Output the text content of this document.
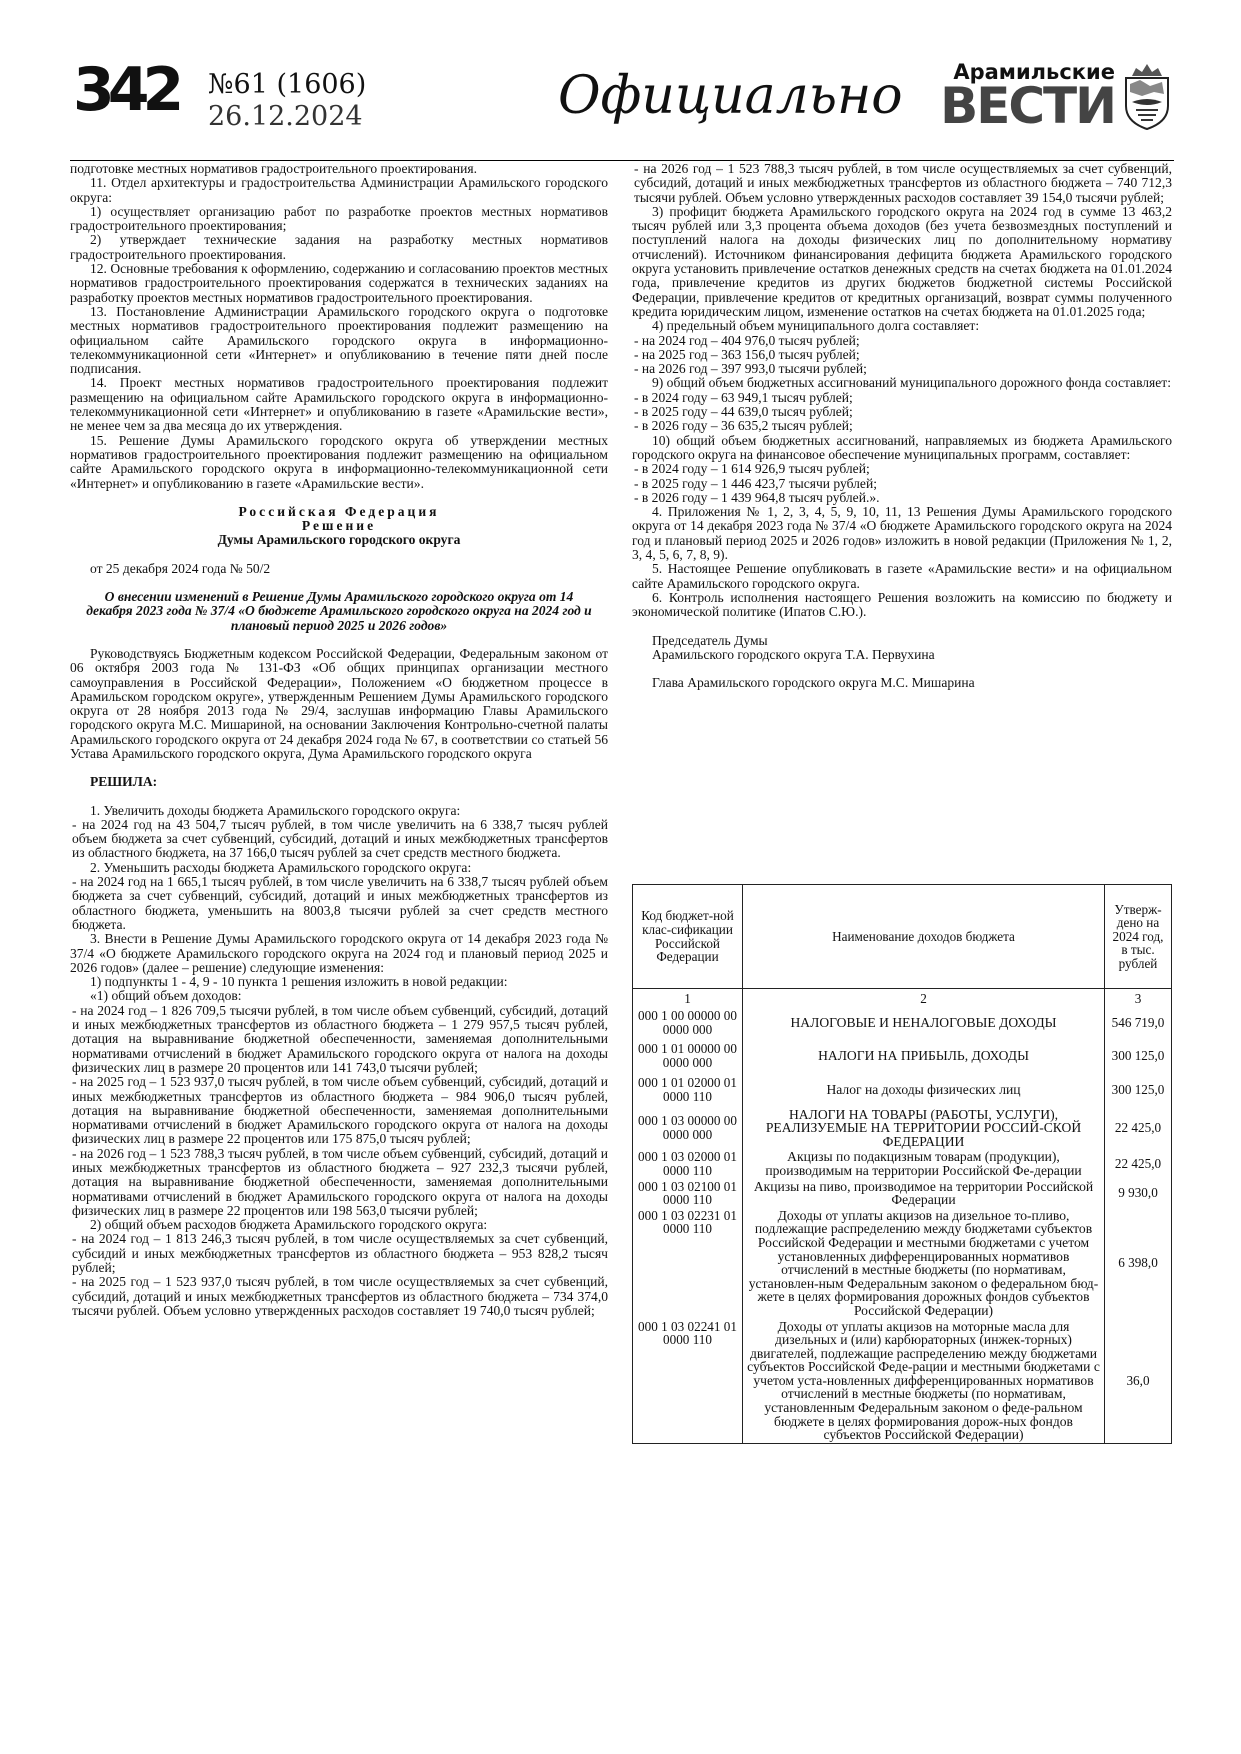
342 №61 (1606)
26.12.2024	Официально	Арамильские
ВЕСТИ

подготовке местных нормативов градостроительного проектирования.

11. Отдел архитектуры и градостроительства Администрации Арамильского городского округа:

1) осуществляет организацию работ по разработке проектов местных нормативов градостроительного проектирования;

2) утверждает технические задания на разработку местных нормативов градостроительного проектирования.

12. Основные требования к оформлению, содержанию и согласованию проектов местных нормативов градостроительного проектирования содержатся в технических заданиях на разработку проектов местных нормативов градостроительного проектирования.

13. Постановление Администрации Арамильского городского округа о подготовке местных нормативов градостроительного проектирования подлежит размещению на официальном сайте Арамильского городского округа в информационно-телекоммуникационной сети «Интернет» и опубликованию в течение пяти дней после подписания.

14. Проект местных нормативов градостроительного проектирования подлежит размещению на официальном сайте Арамильского городского округа в информационно-телекоммуникационной сети «Интернет» и опубликованию в газете «Арамильские вести», не менее чем за два месяца до их утверждения.

15. Решение Думы Арамильского городского округа об утверждении местных нормативов градостроительного проектирования подлежит размещению на официальном сайте Арамильского городского округа в информационно-телекоммуникационной сети «Интернет» и опубликованию в газете «Арамильские вести».

Российская Федерация

Решение

Думы Арамильского городского округа

от 25 декабря 2024 года № 50/2

О внесении изменений в Решение Думы Арамильского городского округа от 14 декабря 2023 года № 37/4 «О бюджете Арамильского городского округа на 2024 год и плановый период 2025 и 2026 годов»

Руководствуясь Бюджетным кодексом Российской Федерации, Федеральным законом от 06 октября 2003 года № 131-ФЗ «Об общих принципах организации местного самоуправления в Российской Федерации», Положением «О бюджетном процессе в Арамильском городском округе», утвержденным Решением Думы Арамильского городского округа от 28 ноября 2013 года № 29/4, заслушав информацию Главы Арамильского городского округа М.С. Мишариной, на основании Заключения Контрольно-счетной палаты Арамильского городского округа от 24 декабря 2024 года № 67, в соответствии со статьей 56 Устава Арамильского городского округа, Дума Арамильского городского округа

РЕШИЛА:

1. Увеличить доходы бюджета Арамильского городского округа:

- на 2024 год на 43 504,7 тысяч рублей, в том числе увеличить на 6 338,7 тысяч рублей объем бюджета за счет субвенций, субсидий, дотаций и иных межбюджетных трансфертов из областного бюджета, на 37 166,0 тысяч рублей за счет средств местного бюджета.

2. Уменьшить расходы бюджета Арамильского городского округа:

- на 2024 год на 1 665,1 тысяч рублей, в том числе увеличить на 6 338,7 тысяч рублей объем бюджета за счет субвенций, субсидий, дотаций и иных межбюджетных трансфертов из областного бюджета, уменьшить на 8003,8 тысячи рублей за счет средств местного бюджета.

3. Внести в Решение Думы Арамильского городского округа от 14 декабря 2023 года № 37/4 «О бюджете Арамильского городского округа на 2024 год и плановый период 2025 и 2026 годов» (далее – решение) следующие изменения:

1) подпункты 1 - 4, 9 - 10 пункта 1 решения изложить в новой редакции:

«1) общий объем доходов:

- на 2024 год – 1 826 709,5 тысячи рублей, в том числе объем субвенций, субсидий, дотаций и иных межбюджетных трансфертов из областного бюджета – 1 279 957,5 тысяч рублей, дотация на выравнивание бюджетной обеспеченности, заменяемая дополнительными нормативами отчислений в бюджет Арамильского городского округа от налога на доходы физических лиц в размере 20 процентов или 141 743,0 тысячи рублей;

- на 2025 год – 1 523 937,0 тысяч рублей, в том числе объем субвенций, субсидий, дотаций и иных межбюджетных трансфертов из областного бюджета – 984 906,0 тысяч рублей, дотация на выравнивание бюджетной обеспеченности, заменяемая дополнительными нормативами отчислений в бюджет Арамильского городского округа от налога на доходы физических лиц в размере 22 процентов или 175 875,0 тысяч рублей;

- на 2026 год – 1 523 788,3 тысяч рублей, в том числе объем субвенций, субсидий, дотаций и иных межбюджетных трансфертов из областного бюджета – 927 232,3 тысячи рублей, дотация на выравнивание бюджетной обеспеченности, заменяемая дополнительными нормативами отчислений в бюджет Арамильского городского округа от налога на доходы физических лиц в размере 22 процентов или 198 563,0 тысячи рублей;

2) общий объем расходов бюджета Арамильского городского округа:

- на 2024 год – 1 813 246,3 тысяч рублей, в том числе осуществляемых за счет субвенций, субсидий и иных межбюджетных трансфертов из областного бюджета – 953 828,2 тысяч рублей;

- на 2025 год – 1 523 937,0 тысяч рублей, в том числе осуществляемых за счет субвенций, субсидий, дотаций и иных межбюджетных трансфертов из областного бюджета – 734 374,0 тысячи рублей. Объем условно утвержденных расходов составляет 19 740,0 тысяч рублей;

- на 2026 год – 1 523 788,3 тысяч рублей, в том числе осуществляемых за счет субвенций, субсидий, дотаций и иных межбюджетных трансфертов из областного бюджета – 740 712,3 тысячи рублей. Объем условно утвержденных расходов составляет 39 154,0 тысячи рублей;

3) профицит бюджета Арамильского городского округа на 2024 год в сумме 13 463,2 тысяч рублей или 3,3 процента объема доходов (без учета безвозмездных поступлений и поступлений налога на доходы физических лиц по дополнительному нормативу отчислений). Источником финансирования дефицита бюджета Арамильского городского округа установить привлечение остатков денежных средств на счетах бюджета на 01.01.2024 года, привлечение кредитов из других бюджетов бюджетной системы Российской Федерации, привлечение кредитов от кредитных организаций, возврат суммы полученного кредита юридическим лицом, изменение остатков на счетах бюджета на 01.01.2025 года;

4) предельный объем муниципального долга составляет:

- на 2024 год – 404 976,0 тысяч рублей;

- на 2025 год – 363 156,0 тысяч рублей;

- на 2026 год – 397 993,0 тысячи рублей;

9) общий объем бюджетных ассигнований муниципального дорожного фонда составляет:

- в 2024 году – 63 949,1 тысяч рублей;

- в 2025 году – 44 639,0 тысяч рублей;

- в 2026 году – 36 635,2 тысяч рублей;

10) общий объем бюджетных ассигнований, направляемых из бюджета Арамильского городского округа на финансовое обеспечение муниципальных программ, составляет:

- в 2024 году – 1 614 926,9 тысяч рублей;

- в 2025 году – 1 446 423,7 тысячи рублей;

- в 2026 году – 1 439 964,8 тысяч рублей.».

4. Приложения № 1, 2, 3, 4, 5, 9, 10, 11, 13 Решения Думы Арамильского городского округа от 14 декабря 2023 года № 37/4 «О бюджете Арамильского городского округа на 2024 год и плановый период 2025 и 2026 годов» изложить в новой редакции (Приложения № 1, 2, 3, 4, 5, 6, 7, 8, 9).

5. Настоящее Решение опубликовать в газете «Арамильские вести» и на официальном сайте Арамильского городского округа.

6. Контроль исполнения настоящего Решения возложить на комиссию по бюджету и экономической политике (Ипатов С.Ю.).

Председатель Думы

Арамильского городского округа Т.А. Первухина

Глава Арамильского городского округа М.С. Мишарина

Код бюджет-ной клас-сификации Российской Федерации	Наименование доходов бюджета	Утверж-дено на 2024 год, в тыс. рублей
1	2	3
000 1 00 00000 00 0000 000	НАЛОГОВЫЕ И НЕНАЛОГОВЫЕ ДОХОДЫ	546 719,0
000 1 01 00000 00 0000 000	НАЛОГИ НА ПРИБЫЛЬ, ДОХОДЫ	300 125,0
000 1 01 02000 01 0000 110	Налог на доходы физических лиц	300 125,0
000 1 03 00000 00 0000 000	НАЛОГИ НА ТОВАРЫ (РАБОТЫ, УСЛУГИ), РЕАЛИЗУЕМЫЕ НА ТЕРРИТОРИИ РОССИЙ-СКОЙ ФЕДЕРАЦИИ	22 425,0
000 1 03 02000 01 0000 110	Акцизы по подакцизным товарам (продукции), производимым на территории Российской Фе-дерации	22 425,0
000 1 03 02100 01 0000 110	Акцизы на пиво, производимое на территории Российской Федерации	9 930,0
000 1 03 02231 01 0000 110	Доходы от уплаты акцизов на дизельное то-пливо, подлежащие распределению между бюджетами субъектов Российской Федерации и местными бюджетами с учетом установленных дифференцированных нормативов отчислений в местные бюджеты (по нормативам, установлен-ным Федеральным законом о федеральном бюд-жете в целях формирования дорожных фондов субъектов Российской Федерации)	6 398,0
000 1 03 02241 01 0000 110	Доходы от уплаты акцизов на моторные масла для дизельных и (или) карбюраторных (инжек-торных) двигателей, подлежащие распределению между бюджетами субъектов Российской Феде-рации и местными бюджетами с учетом уста-новленных дифференцированных нормативов отчислений в местные бюджеты (по нормативам, установленным Федеральным законом о феде-ральном бюджете в целях формирования дорож-ных фондов субъектов Российской Федерации)	36,0
